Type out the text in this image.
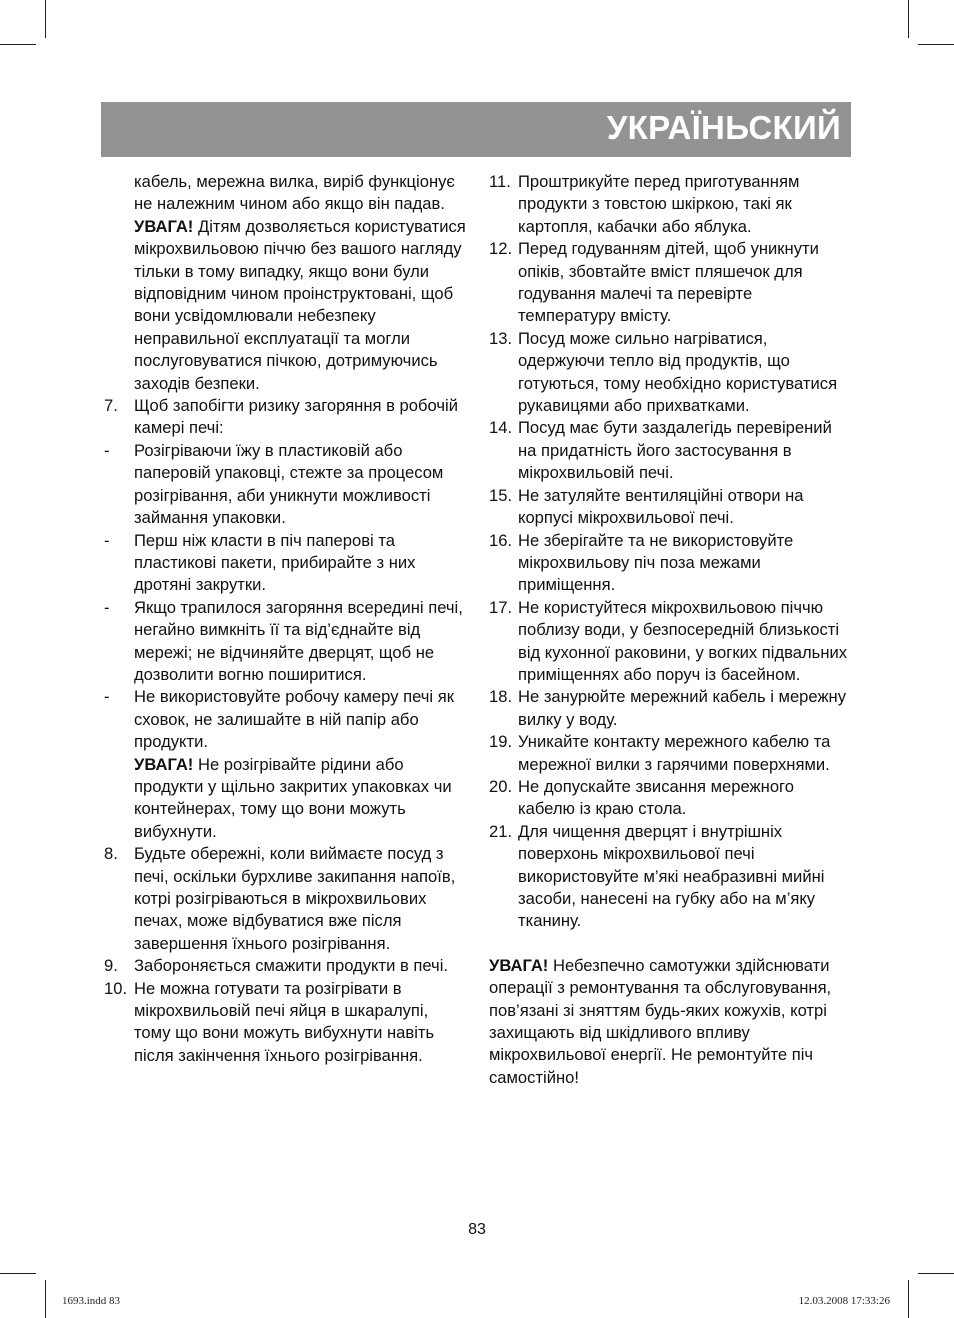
УКРАЇНЬСКИЙ
кабель, мережна вилка, виріб функціонує не належним чином або якщо він падав.
УВАГА! Дітям дозволяється користуватися мікрохвильовою піччю без вашого нагляду тільки в тому випадку, якщо вони були відповідним чином проінструктовані, щоб вони усвідомлювали небезпеку неправильної експлуатації та могли послуговуватися пічкою, дотримуючись заходів безпеки.
7. Щоб запобігти ризику загоряння в робочій камері печі:
- Розігріваючи їжу в пластиковій або паперовій упаковці, стежте за процесом розігрівання, аби уникнути можливості займання упаковки.
- Перш ніж класти в піч паперові та пластикові пакети, прибирайте з них дротяні закрутки.
- Якщо трапилося загоряння всередині печі, негайно вимкніть її та від’єднайте від мережі; не відчиняйте дверцят, щоб не дозволити вогню поширитися.
- Не використовуйте робочу камеру печі як сховок, не залишайте в ній папір або продукти.
УВАГА! Не розігрівайте рідини або продукти у щільно закритих упаковках чи контейнерах, тому що вони можуть вибухнути.
8. Будьте обережні, коли виймаєте посуд з печі, оскільки бурхливе закипання напоїв, котрі розігріваються в мікрохвильових печах, може відбуватися вже після завершення їхнього розігрівання.
9. Забороняється смажити продукти в печі.
10. Не можна готувати та розігрівати в мікрохвильовій печі яйця в шкаралупі, тому що вони можуть вибухнути навіть після закінчення їхнього розігрівання.
11. Проштрикуйте перед приготуванням продукти з товстою шкіркою, такі як картопля, кабачки або яблука.
12. Перед годуванням дітей, щоб уникнути опіків, збовтайте вміст пляшечок для годування малечі та перевірте температуру вмісту.
13. Посуд може сильно нагріватися, одержуючи тепло від продуктів, що готуються, тому необхідно користуватися рукавицями або прихватками.
14. Посуд має бути заздалегідь перевірений на придатність його застосування в мікрохвильовій печі.
15. Не затуляйте вентиляційні отвори на корпусі мікрохвильової печі.
16. Не зберігайте та не використовуйте мікрохвильову піч поза межами приміщення.
17. Не користуйтеся мікрохвильовою піччю поблизу води, у безпосередній близькості від кухонної раковини, у вогких підвальних приміщеннях або поруч із басейном.
18. Не занурюйте мережний кабель і мережну вилку у воду.
19. Уникайте контакту мережного кабелю та мережної вилки з гарячими поверхнями.
20. Не допускайте звисання мережного кабелю із краю стола.
21. Для чищення дверцят і внутрішніх поверхонь мікрохвильової печі використовуйте м’які неабразивні мийні засоби, нанесені на губку або на м’яку тканину.
УВАГА! Небезпечно самотужки здійснювати операції з ремонтування та обслуговування, пов’язані зі зняттям будь-яких кожухів, котрі захищають від шкідливого впливу мікрохвильової енергії. Не ремонтуйте піч самостійно!
83
1693.indd 83	12.03.2008 17:33:26
